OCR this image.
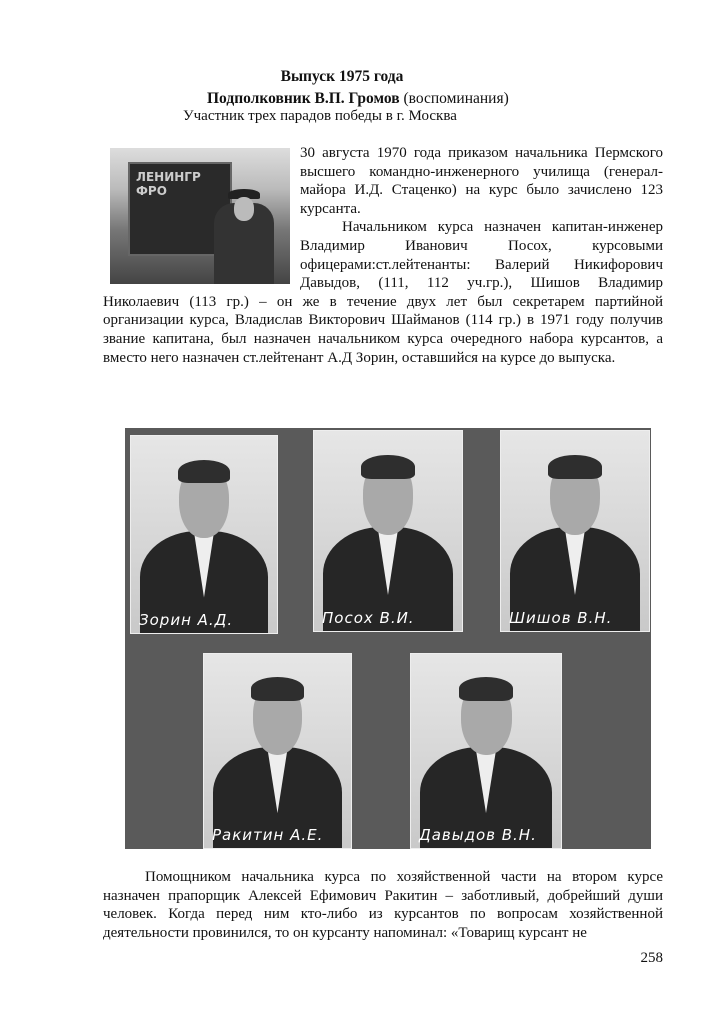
Выпуск 1975 года
Подполковник В.П. Громов (воспоминания)
Участник трех парадов победы в г. Москва
ЛЕНИНГР ФРО

30 августа 1970 года приказом начальника Пермского высшего командно-инженерного училища (генерал-майора И.Д. Стаценко) на курс было зачислено 123 курсанта.

Начальником курса назначен капитан-инженер Владимир Иванович Посох, курсовыми офицерами:ст.лейтенанты: Валерий Никифорович Давыдов, (111, 112 уч.гр.), Шишов Владимир Николаевич (113 гр.) – он же в течение двух лет был секретарем партийной организации курса, Владислав Викторович Шайманов (114 гр.) в 1971 году получив звание капитана, был назначен начальником курса очередного набора курсантов, а вместо него назначен ст.лейтенант А.Д Зорин, оставшийся на курсе до выпуска.

Зорин А.Д.	Посох В.И.	Шишов В.Н.
Ракитин А.Е.	Давыдов В.Н.

Помощником начальника курса по хозяйственной части на втором курсе назначен прапорщик Алексей Ефимович Ракитин – заботливый, добрейший души человек. Когда перед ним кто-либо из курсантов по вопросам хозяйственной деятельности провинился, то он курсанту напоминал: «Товарищ курсант не

258
